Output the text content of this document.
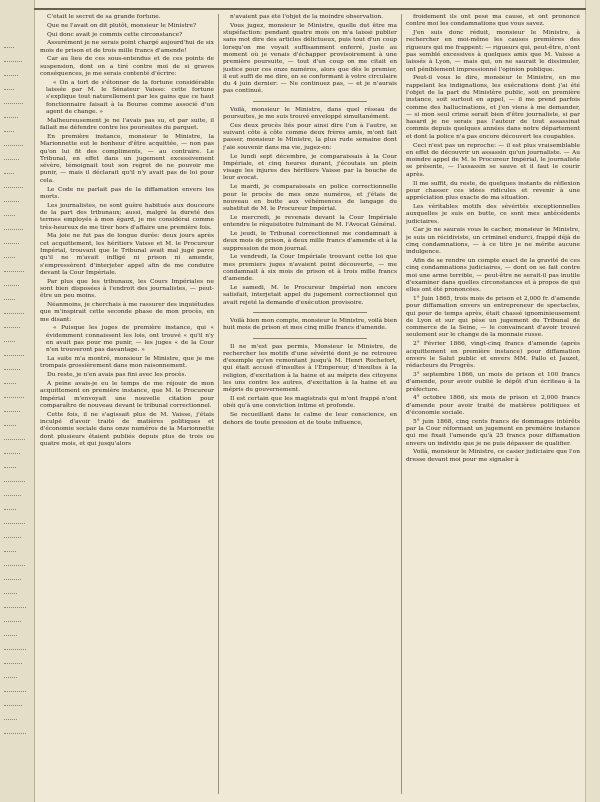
C'était le secret de sa grande fortune.

Que ne l'avait on dit plutôt, monsieur le Ministre?

Qui donc avait je commis cette circonstance?

Assurément je ne serais point chargé aujourd'hui de six mois de prison et de trois mille francs d'amende!

Car au lieu de ces sous-entendus et de ces points de suspension, dont on a tiré contre moi de si graves conséquences, je me serais contenté d'écrire:

« On a tort de s'étonner de la fortune considérable laissée par M. le Sénateur Vaisse: cette fortune s'explique tout naturellement par les gains que ce haut fonctionnaire faisait à la Bourse comme associé d'un agent de change. »

Malheureusement je ne l'avais pas su, et par suite, il fallait me défendre contre les poursuites du parquet.

En première instance, monsieur le Ministre, la Marionnette eut le bonheur d'être acquittée, — non pas qu'on lui fit des compliments, — au contraire. Le Tribunal, en effet dans un jugement excessivement sévère, témoignait tout son regret de ne pouvoir me punir, — mais il déclarait qu'il n'y avait pas de loi pour cela.

Le Code ne parlait pas de la diffamation envers les morts.

Les journalistes, ne sont guère habitués aux douceurs de la part des tribunaux; aussi, malgré la dureté des termes employés à mon égard, je me considérai comme très-heureux de me tirer hors d'affaire une première fois.

Ma joie ne fut pas de longue durée: deux jours après cet acquittement, les héritiers Vaisse et M. le Procureur Impérial, trouvant que le Tribunal avait mal jugé parce qu'il ne m'avait infligé ni prison ni amende, s'empressèrent d'interjeter appel afin de me conduire devant la Cour Impériale.

Par plus que les tribunaux, les Cours Impériales ne sont bien disposées à l'endroit des journalistes, — peut-être un peu moins.

Néanmoins, je cherchais à me rassurer des inquiétudes que m'inspirait cette seconde phase de mon procès, en me disant:

« Puisque les juges de première instance, qui « évidemment connaissent les lois, ont trouvé « qu'il n'y en avait pas pour me punir, — les juges « de la Cour n'en trouveront pas davantage. »

La suite m'a montré, monsieur le Ministre, que je me trompais grossièrement dans mon raisonnement.

Du reste, je n'en avais pas fini avec les procès.

A peine avais-je eu le temps de me réjouir de mon acquittement en première instance, que M. le Procureur Impérial m'envoyait une nouvelle citation pour comparaître de nouveau devant le tribunal correctionnel.

Cette fois, il ne s'agissait plus de M. Vaisse, j'étais inculpé d'avoir traité de matières politiques et d'économie sociale dans onze numéros de la Marionnette dont plusieurs étaient publiés depuis plus de trois ou quatre mois, et qui jusqu'alors

n'avaient pas été l'objet de la moindre observation.

Vous jugez, monsieur le Ministre, quelle dut être ma stupéfaction: pendant quatre mois on m'a laissé publier sans mot dire des articles délictueux, puis tout d'un coup lorsqu'on me voyait suffisamment enferré, juste au moment où je venais d'échapper provisoirement à une première poursuite, — tout d'un coup on me citait en justice pour ces onze numéros, alors que dès le premier, il eut suffi de me dire, en se conformant à votre circulaire du 4 juin dernier: — Ne continuez pas, — et je n'aurais pas continué.

Voilà, monsieur le Ministre, dans quel réseau de poursuites, je me suis trouvé enveloppé simultanément.

Ces deux procès liés pour ainsi dire l'un à l'autre, se suivant côte à côte comme deux frères amis, m'ont fait passer, monsieur le Ministre, la plus rude semaine dont j'aie souvenir dans ma vie, jugez-en:

Le lundi sept décembre, je comparaissais à la Cour Impériale, et cinq heures durant, j'écoutais un plein visage les injures des héritiers Vaisse par la bouche de leur avocat.

Le mardi, je comparaissais en police correctionnelle pour le procès de mes onze numéros, et j'étais de nouveau en butte aux véhémences de langage du substitut de M. le Procureur Impérial.

Le mercredi, je revenais devant la Cour Impériale entendre le réquisitoire fulminant de M. l'Avocat Général.

Le jeudi, le Tribunal correctionnel me condamnait à deux mois de prison, à deux mille francs d'amende et à la suppression de mon journal.

Le vendredi, la Cour Impériale trouvant cette loi que mes premiers juges n'avaient point découverte, — me condamnait à six mois de prison et à trois mille francs d'amende.

Le samedi, M. le Procureur Impérial non encore satisfait, interjetait appel du jugement correctionnel qui avait rejeté la demande d'exécution provisoire.

Voilà bien mon compte, monsieur le Ministre, voilà bien huit mois de prison et mes cinq mille francs d'amende.

Il ne m'est pas permis, Monsieur le Ministre, de rechercher les motifs d'une sévérité dont je ne retrouve d'exemple qu'en remontant jusqu'à M. Henri Rochefort, qui était accusé d'insultes à l'Empereur, d'insultes à la religion, d'excitation à la haine et au mépris des citoyens les uns contre les autres, d'excitation à la haine et au mépris du gouvernement.

Il est certain que les magistrats qui m'ont frappé n'ont obéi qu'à une conviction intime et profonde.

Se recueillant dans le calme de leur conscience, en dehors de toute pression et de toute influence,

froidement ils ont pesé ma cause, et ont prononcé contre moi les condamnations que vous savez.

J'en suis donc réduit, monsieur le Ministre, à rechercher en moi-même les causes premières des rigueurs qui me frappent: — rigueurs qui, peut-être, n'ont pas semblé excessives à quelques amis que M. Vaisse a laissés à Lyon, — mais qui, on ne saurait le dissimuler, ont péniblement impressionné l'opinion publique.

Peut-il vous le dire, monsieur le Ministre, en me rappelant les indignations, les exécrations dont j'ai été l'objet de la part du Ministère public, soit en première instance, soit surtout en appel, — il me prend parfois comme des hallucinations, et j'en viens à me demander, — si mon seul crime serait bien d'être journaliste, si par hasard je ne serais pas l'auteur de tout assassinat commis depuis quelques années dans notre département et dont la police n'a pas encore découvert les coupables.

Ceci n'est pas un reproche: — il est plus vraisemblable en effet de découvrir un assassin qu'un journaliste. — Au moindre appel de M. le Procureur Impérial, le journaliste se présente, — l'assassin se sauve et il faut le courir après.

Il me suffit, du reste, de quelques instants de réflexion pour chasser ces idées ridicules et revenir à une appréciation plus exacte de ma situation.

Les véritables motifs des sévérités exceptionnelles auxquelles je suis en butte, ce sont mes antécédents judiciaires.

Car je ne saurais vous le cacher, monsieur le Ministre, je suis un récidiviste, un criminel endurci, frappé déjà de cinq condamnations, — à ce titre je ne mérite aucune indulgence.

Afin de se rendre un compte exact de la gravité de ces cinq condamnations judiciaires, — dont on se fait contre moi une arme terrible, — peut-être ne serait-il pas inutile d'examiner dans quelles circonstances et à propos de qui elles ont été prononcées.

1° Juin 1865, trois mois de prison et 2,000 fr. d'amende pour diffamation envers un entrepreneur de spectacles, qui pour de temps après, était chassé ignominieusement de Lyon et sur qui pèse un jugement du Tribunal de commerce de la Seine, — le convaincant d'avoir trouvé seulement sur le change de la monnaie russe.

2° Février 1866, vingt-cinq francs d'amende (après acquittement en première instance) pour diffamation envers le Salut public et envers MM. Pallo et Jauzet, rédacteurs du Progrès.

3° septembre 1866, un mois de prison et 100 francs d'amende, pour avoir oublié le dépôt d'un écriteau à la préfecture.

4° octobre 1866, six mois de prison et 2,000 francs d'amende pour avoir traité de matières politiques et d'économie sociale.

5° juin 1868, cinq cents francs de dommages intérêts par la Cour réformant un jugement en première instance qui me fixait l'amende qu'à 25 francs pour diffamation envers un individu que je ne puis dépasser de qualifier.

Voilà, monsieur le Ministre, ce casier judiciaire que l'on dresse devant moi pour me signaler à
